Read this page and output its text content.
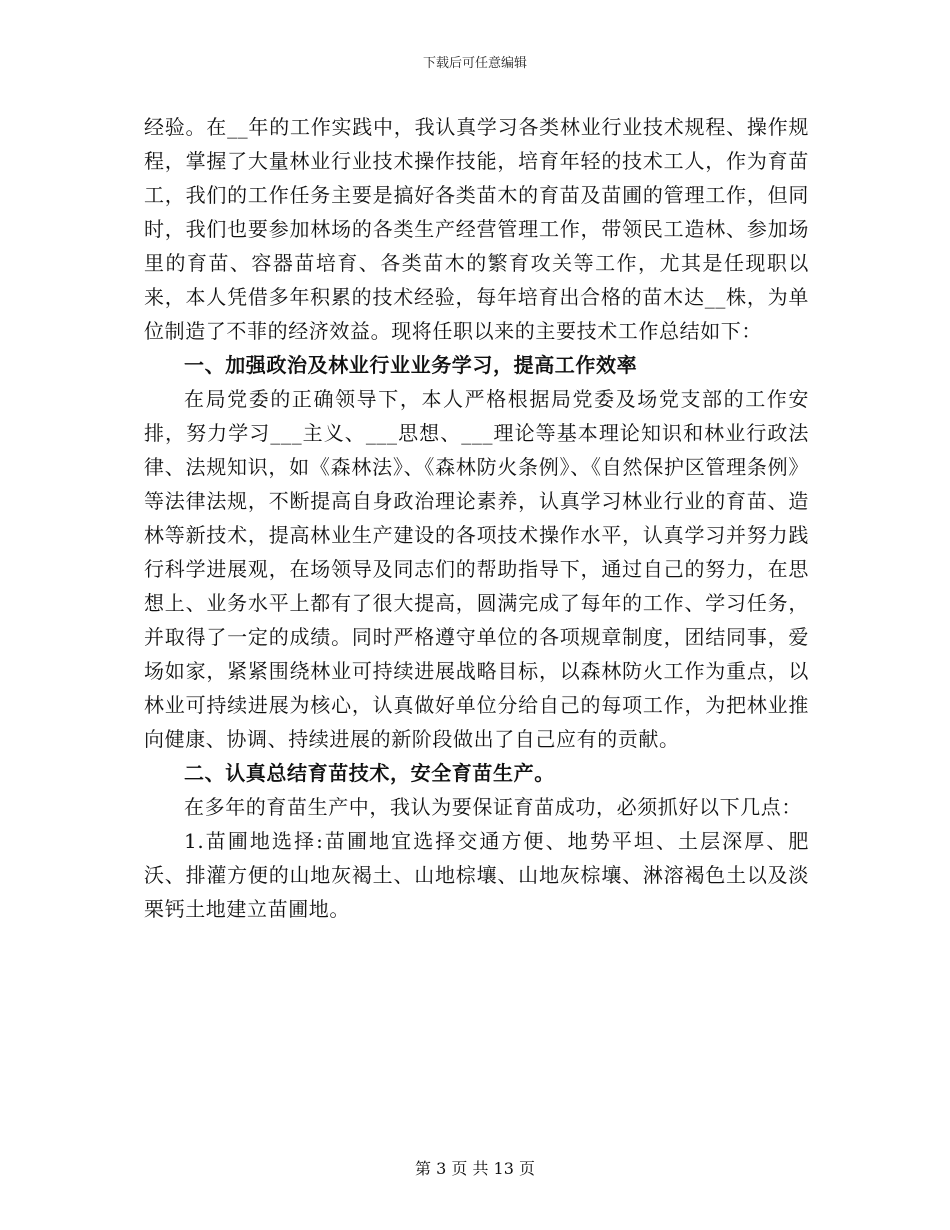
下载后可任意编辑

经验。在__年的工作实践中，我认真学习各类林业行业技术规程、操作规程，掌握了大量林业行业技术操作技能，培育年轻的技术工人，作为育苗工，我们的工作任务主要是搞好各类苗木的育苗及苗圃的管理工作，但同时，我们也要参加林场的各类生产经营管理工作，带领民工造林、参加场里的育苗、容器苗培育、各类苗木的繁育攻关等工作，尤其是任现职以来，本人凭借多年积累的技术经验，每年培育出合格的苗木达__株，为单位制造了不菲的经济效益。现将任职以来的主要技术工作总结如下：

一、加强政治及林业行业业务学习，提高工作效率

在局党委的正确领导下，本人严格根据局党委及场党支部的工作安排，努力学习___主义、___思想、___理论等基本理论知识和林业行政法律、法规知识，如《森林法》、《森林防火条例》、《自然保护区管理条例》等法律法规，不断提高自身政治理论素养，认真学习林业行业的育苗、造林等新技术，提高林业生产建设的各项技术操作水平，认真学习并努力践行科学进展观，在场领导及同志们的帮助指导下，通过自己的努力，在思想上、业务水平上都有了很大提高，圆满完成了每年的工作、学习任务，并取得了一定的成绩。同时严格遵守单位的各项规章制度，团结同事，爱场如家，紧紧围绕林业可持续进展战略目标，以森林防火工作为重点，以林业可持续进展为核心，认真做好单位分给自己的每项工作，为把林业推向健康、协调、持续进展的新阶段做出了自己应有的贡献。

二、认真总结育苗技术，安全育苗生产。

在多年的育苗生产中，我认为要保证育苗成功，必须抓好以下几点：

1.苗圃地选择:苗圃地宜选择交通方便、地势平坦、土层深厚、肥沃、排灌方便的山地灰褐土、山地棕壤、山地灰棕壤、淋溶褐色土以及淡栗钙土地建立苗圃地。

第 3 页 共 13 页
